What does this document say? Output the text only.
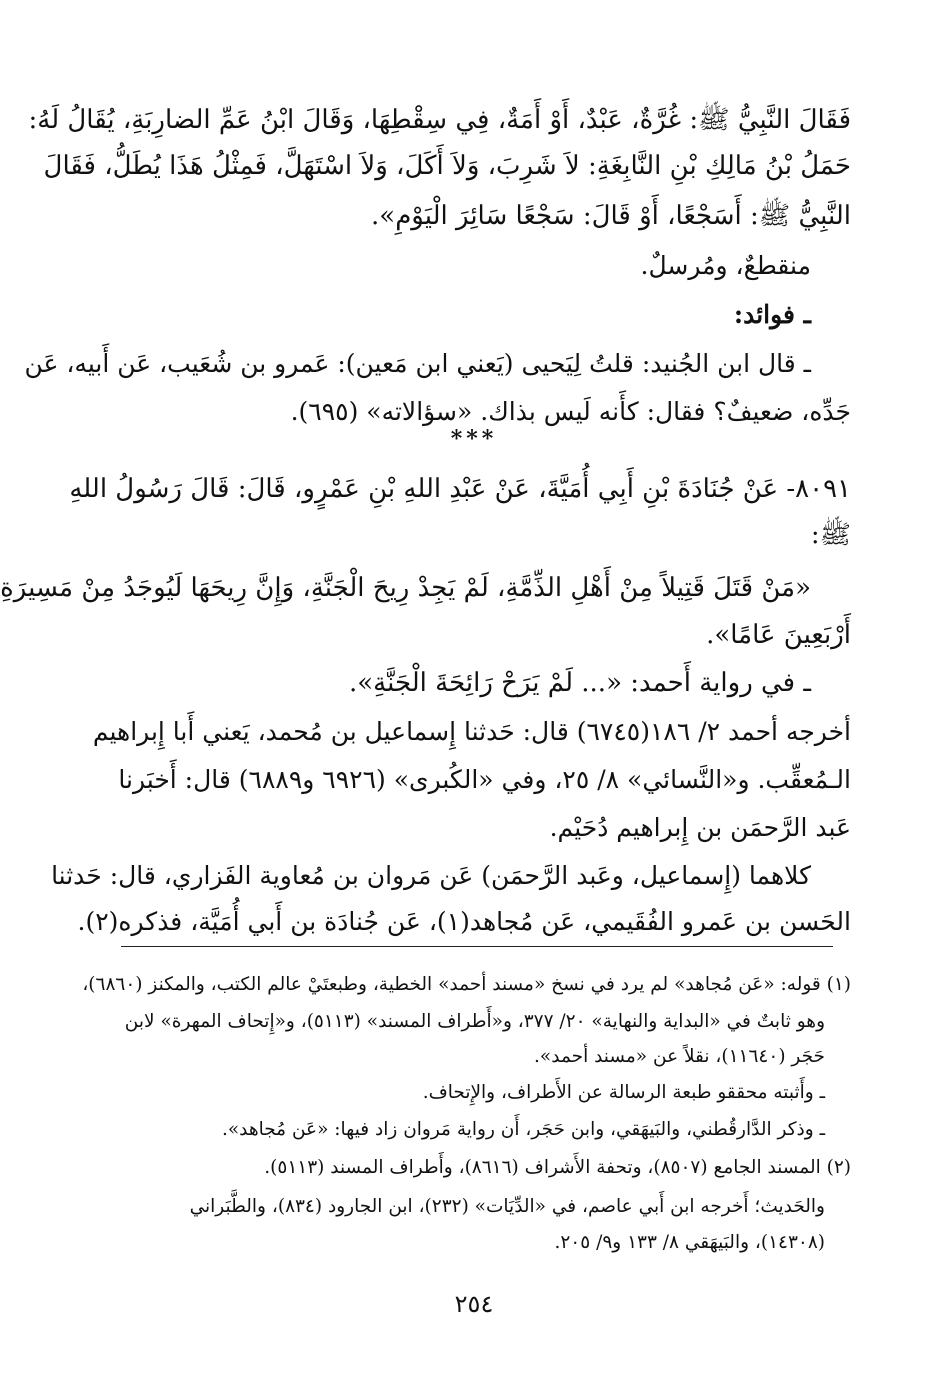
فَقَالَ النَّبِيُّ ﷺ: غُرَّةٌ، عَبْدٌ، أَوْ أَمَةٌ، فِي سِقْطِهَا، وَقَالَ ابْنُ عَمِّ الضارِبَةِ، يُقَالُ لَهُ:
حَمَلُ بْنُ مَالِكِ بْنِ النَّابِغَةِ: لاَ شَرِبَ، وَلاَ أَكَلَ، وَلاَ اسْتَهَلَّ، فَمِثْلُ هَذَا يُطَلُّ، فَقَالَ
النَّبِيُّ ﷺ: أَسَجْعًا، أَوْ قَالَ: سَجْعًا سَائِرَ الْيَوْمِ».
منقطعٌ، ومُرسلٌ.
ـ فوائد:
ـ قال ابن الجُنيد: قلتُ لِيَحيى (يَعني ابن مَعين): عَمرو بن شُعَيب، عَن أَبيه، عَن
جَدِّه، ضعيفٌ؟ فقال: كأَنه لَيس بذاك. «سؤالاته» (٦٩٥).
***
٨٠٩١- عَنْ جُنَادَةَ بْنِ أَبِي أُمَيَّةَ، عَنْ عَبْدِ اللهِ بْنِ عَمْرٍو، قَالَ: قَالَ رَسُولُ اللهِ
ﷺ:
«مَنْ قَتَلَ قَتِيلاً مِنْ أَهْلِ الذِّمَّةِ، لَمْ يَجِدْ رِيحَ الْجَنَّةِ، وَإِنَّ رِيحَهَا لَيُوجَدُ مِنْ مَسِيرَةِ
أَرْبَعِينَ عَامًا».
ـ في رواية أَحمد: «... لَمْ يَرَحْ رَائِحَةَ الْجَنَّةِ».
أخرجه أحمد ٢/ ١٨٦(٦٧٤٥) قال: حَدثنا إِسماعيل بن مُحمد، يَعني أَبا إِبراهيم
الـمُعقِّب. و«النَّسائي» ٨/ ٢٥، وفي «الكُبرى» (٦٩٢٦ و٦٨٨٩) قال: أَخبَرنا
عَبد الرَّحمَن بن إِبراهيم دُحَيْم.
كلاهما (إِسماعيل، وعَبد الرَّحمَن) عَن مَروان بن مُعاوية الفَزاري، قال: حَدثنا
الحَسن بن عَمرو الفُقَيمي، عَن مُجاهد(١)، عَن جُنادَة بن أَبي أُمَيَّة، فذكره(٢).
(١) قوله: «عَن مُجاهد» لم يرد في نسخ «مسند أحمد» الخطية، وطبعتَيْ عالم الكتب، والمكنز (٦٨٦٠)،
وهو ثابتٌ في «البداية والنهاية» ٢٠/ ٣٧٧، و«أَطراف المسند» (٥١١٣)، و«إِتحاف المهرة» لابن
حَجَر (١١٦٤٠)، نقلاً عن «مسند أحمد».
ـ وأَثبته محققو طبعة الرسالة عن الأَطراف، والإِتحاف.
ـ وذكر الدَّارقُطني، والبَيهَقي، وابن حَجَر، أَن رواية مَروان زاد فيها: «عَن مُجاهد».
(٢) المسند الجامع (٨٥٠٧)، وتحفة الأَشراف (٨٦١٦)، وأَطراف المسند (٥١١٣).
والحَديث؛ أَخرجه ابن أَبي عاصم، في «الدِّيَات» (٢٣٢)، ابن الجارود (٨٣٤)، والطَّبَراني
(١٤٣٠٨)، والبَيهَقي ٨/ ١٣٣ و٩/ ٢٠٥.
٢٥٤
